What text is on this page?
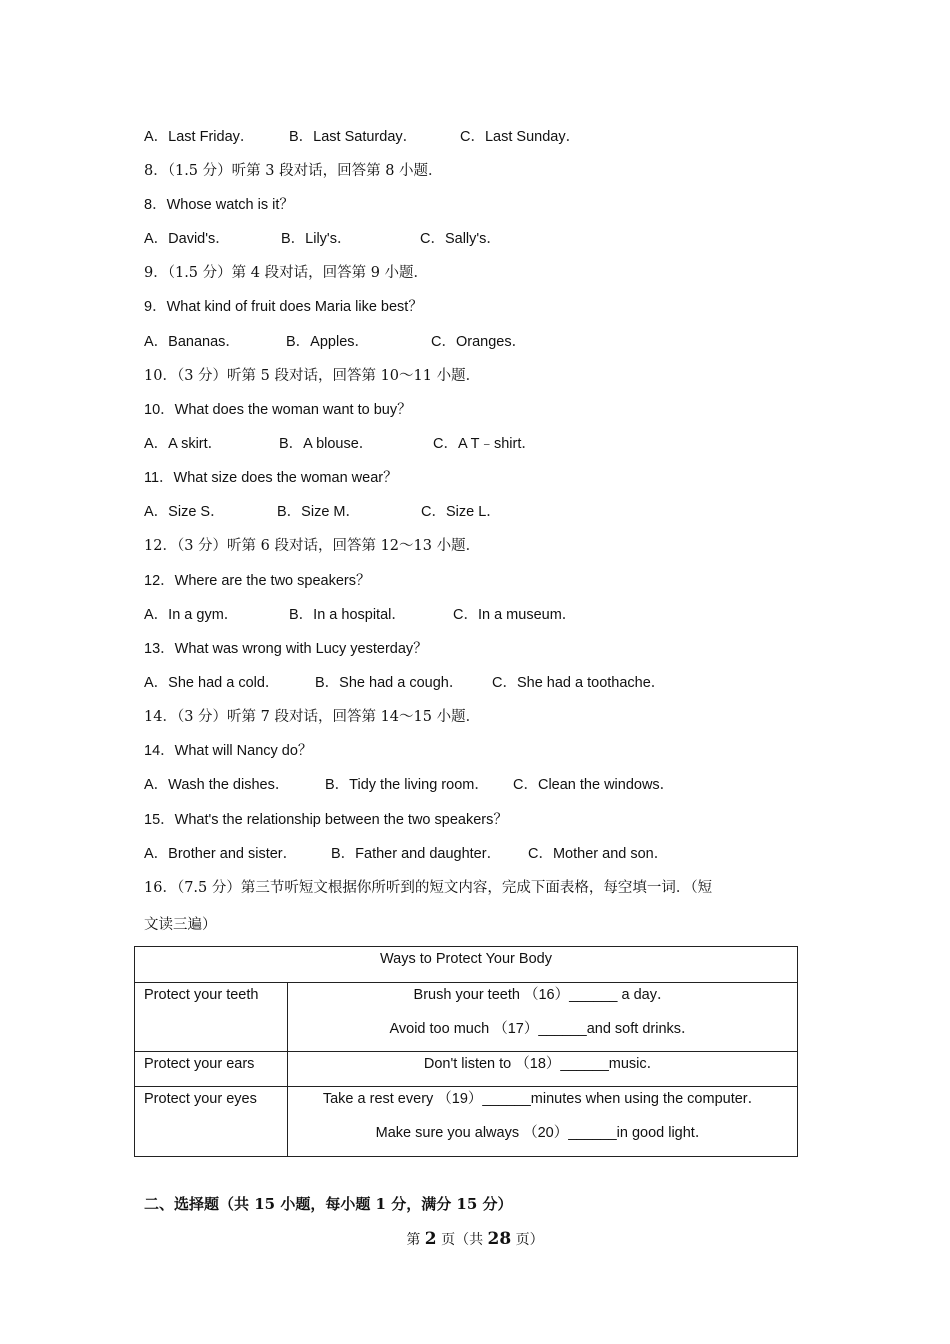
A．Last Friday． B．Last Saturday．	C．Last Sunday．
8．（1.5 分）听第 3 段对话，回答第 8 小题．
8．Whose watch is it？
A．David's．	B．Lily's．	C．Sally's．
9．（1.5 分）第 4 段对话，回答第 9 小题．
9．What kind of fruit does Maria like best？
A．Bananas．	B．Apples．	C．Oranges．
10．（3 分）听第 5 段对话，回答第 10～11 小题．
10．What does the woman want to buy？
A．A skirt．	B．A blouse．	C．A T﹣shirt．
11．What size does the woman wear？
A．Size S．	B．Size M．	C．Size L．
12．（3 分）听第 6 段对话，回答第 12～13 小题．
12．Where are the two speakers？
A．In a gym．	B．In a hospital．	C．In a museum．
13．What was wrong with Lucy yesterday？
A．She had a cold． B．She had a cough． C．She had a toothache．
14．（3 分）听第 7 段对话，回答第 14～15 小题．
14．What will Nancy do？
A．Wash the dishes． B．Tidy the living room． C．Clean the windows．
15．What's the relationship between the two speakers？
A．Brother and sister． B．Father and daughter． C．Mother and son．
16．（7.5 分）第三节听短文根据你所听到的短文内容，完成下面表格，每空填一词．（短
文读三遍）
Ways to Protect Your Body	
Protect your teeth	Brush your teeth （16）______ a day．
Avoid too much （17）______and soft drinks．

Protect your ears	Don't listen to （18）______music．

Protect your eyes	Take a rest every （19）______minutes when using the computer．
Make sure you always （20）______in good light．
二、选择题（共 15 小题，每小题 1 分，满分 15 分）
第 2 页（共 28 页）
